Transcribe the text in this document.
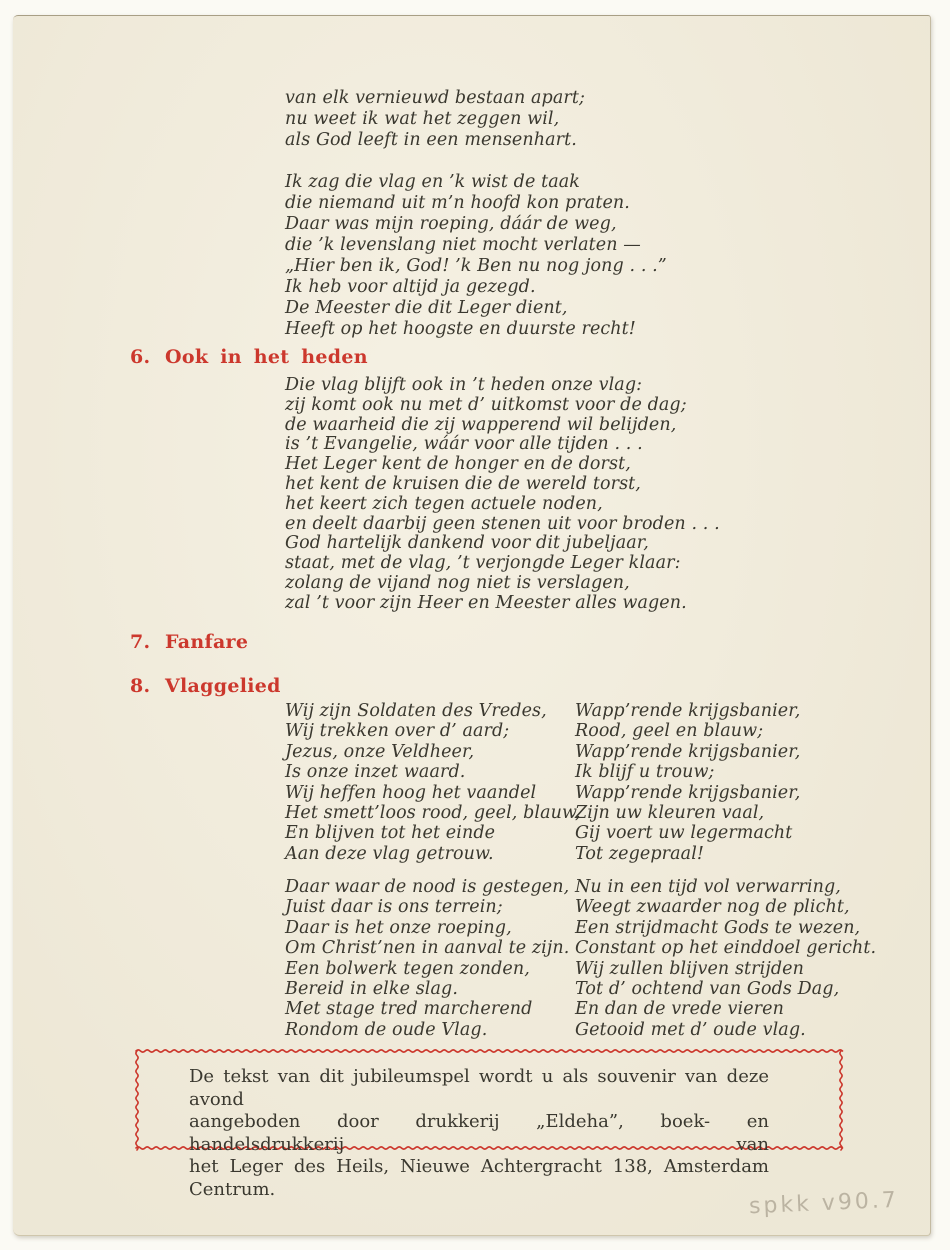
van elk vernieuwd bestaan apart;
nu weet ik wat het zeggen wil,
als God leeft in een mensenhart.
Ik zag die vlag en ’k wist de taak
die niemand uit m’n hoofd kon praten.
Daar was mijn roeping, dáár de weg,
die ’k levenslang niet mocht verlaten —
„Hier ben ik, God! ’k Ben nu nog jong . . .”
Ik heb voor altijd ja gezegd.
De Meester die dit Leger dient,
Heeft op het hoogste en duurste recht!
6. Ook in het heden
Die vlag blijft ook in ’t heden onze vlag:
zij komt ook nu met d’ uitkomst voor de dag;
de waarheid die zij wapperend wil belijden,
is ’t Evangelie, wáár voor alle tijden . . .
Het Leger kent de honger en de dorst,
het kent de kruisen die de wereld torst,
het keert zich tegen actuele noden,
en deelt daarbij geen stenen uit voor broden . . .
God hartelijk dankend voor dit jubeljaar,
staat, met de vlag, ’t verjongde Leger klaar:
zolang de vijand nog niet is verslagen,
zal ’t voor zijn Heer en Meester alles wagen.
7. Fanfare
8. Vlaggelied
Wij zijn Soldaten des Vredes,
Wij trekken over d’ aard;
Jezus, onze Veldheer,
Is onze inzet waard.
Wij heffen hoog het vaandel
Het smett’loos rood, geel, blauw,
En blijven tot het einde
Aan deze vlag getrouw.
Wapp’rende krijgsbanier,
Rood, geel en blauw;
Wapp’rende krijgsbanier,
Ik blijf u trouw;
Wapp’rende krijgsbanier,
Zijn uw kleuren vaal,
Gij voert uw legermacht
Tot zegepraal!
Daar waar de nood is gestegen,
Juist daar is ons terrein;
Daar is het onze roeping,
Om Christ’nen in aanval te zijn.
Een bolwerk tegen zonden,
Bereid in elke slag.
Met stage tred marcherend
Rondom de oude Vlag.
Nu in een tijd vol verwarring,
Weegt zwaarder nog de plicht,
Een strijdmacht Gods te wezen,
Constant op het einddoel gericht.
Wij zullen blijven strijden
Tot d’ ochtend van Gods Dag,
En dan de vrede vieren
Getooid met d’ oude vlag.
De tekst van dit jubileumspel wordt u als souvenir van deze avond
aangeboden door drukkerij „Eldeha”, boek- en handelsdrukkerij van
het Leger des Heils, Nieuwe Achtergracht 138, Amsterdam Centrum.	spkk v90.7
